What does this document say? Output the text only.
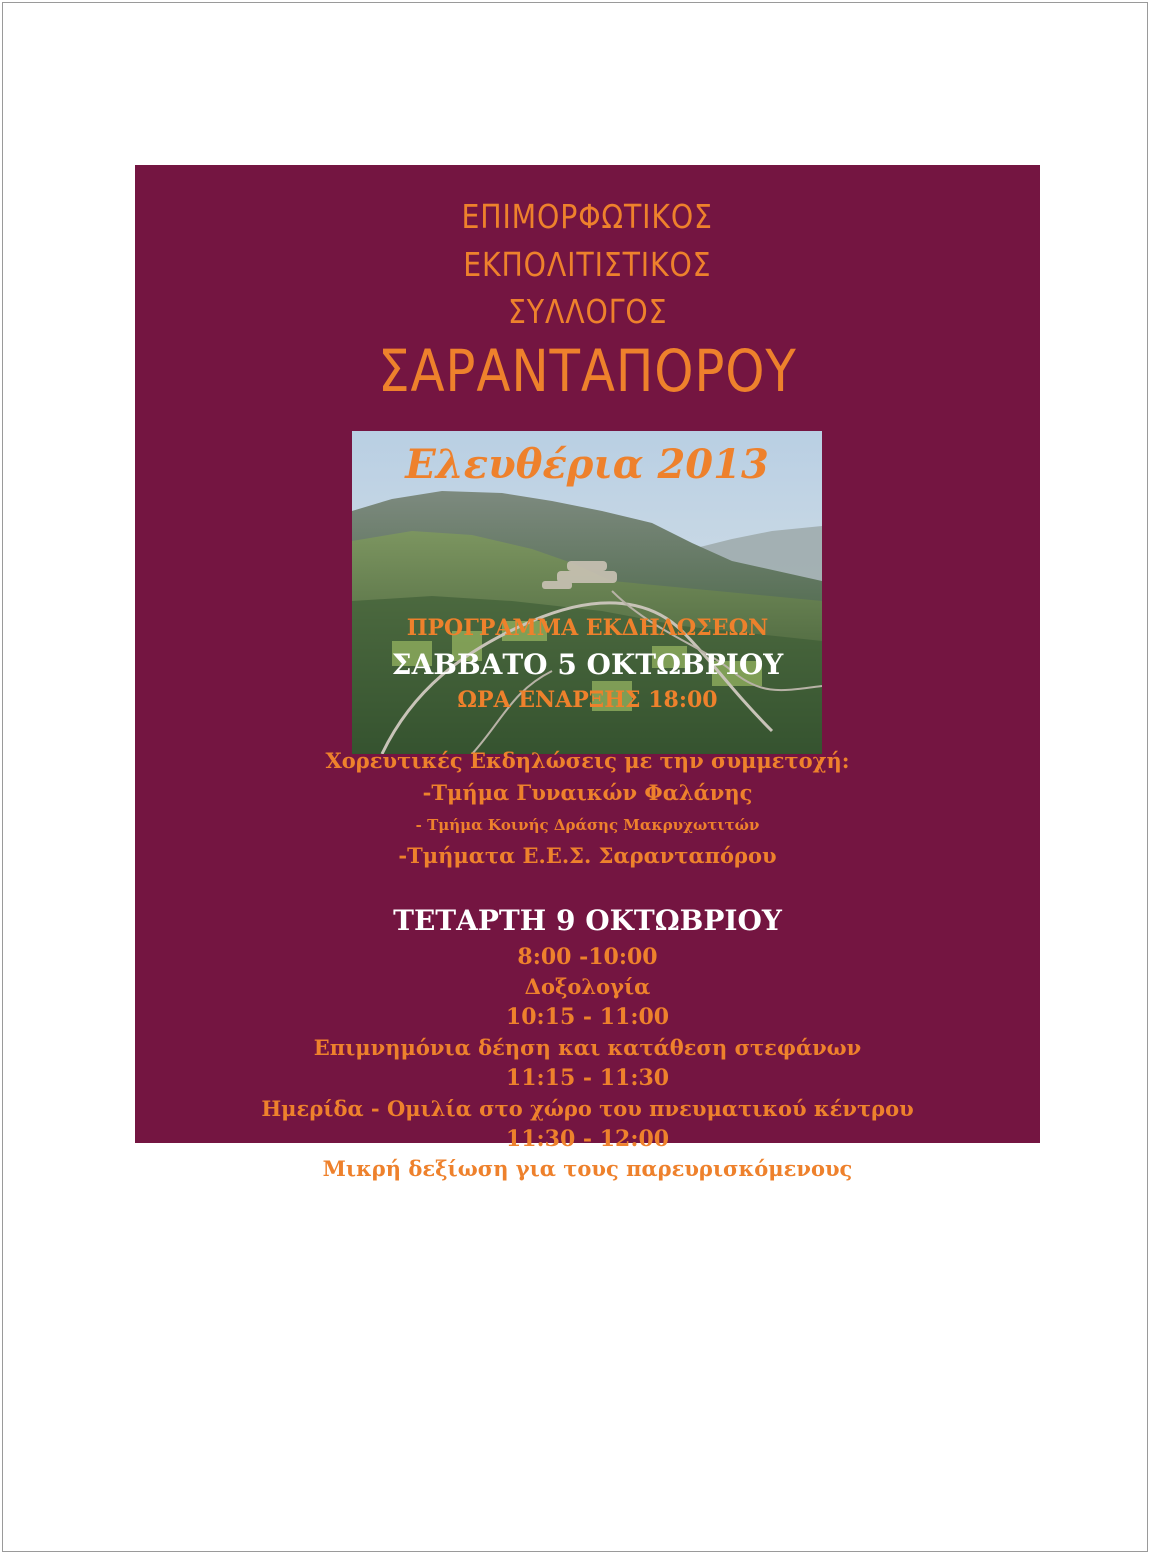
ΕΠΙΜΟΡΦΩΤΙΚΟΣ
ΕΚΠΟΛΙΤΙΣΤΙΚΟΣ
ΣΥΛΛΟΓΟΣ
ΣΑΡΑΝΤΑΠΟΡΟΥ
Ελευθέρια 2013
ΠΡΟΓΡΑΜΜΑ ΕΚΔΗΛΩΣΕΩΝ
ΣΑΒΒΑΤΟ 5 ΟΚΤΩΒΡΙΟΥ
ΩΡΑ ΕΝΑΡΞΗΣ 18:00
Χορευτικές Εκδηλώσεις με την συμμετοχή:
-Τμήμα Γυναικών Φαλάνης
- Τμήμα Κοινής Δράσης Μακρυχωτιτών
-Τμήματα Ε.Ε.Σ. Σαρανταπόρου
ΤΕΤΑΡΤΗ 9 ΟΚΤΩΒΡΙΟΥ
8:00 -10:00
Δοξολογία
10:15 - 11:00
Επιμνημόνια δέηση και κατάθεση στεφάνων
11:15 - 11:30
Ημερίδα - Ομιλία στο χώρο του πνευματικού κέντρου
11:30 - 12:00
Μικρή δεξίωση για τους παρευρισκόμενους
Υπό την αιγίδα της Περιφέρειας Θεσσαλίας και την υποστήριξη του Δήμου Ελασσόνας
